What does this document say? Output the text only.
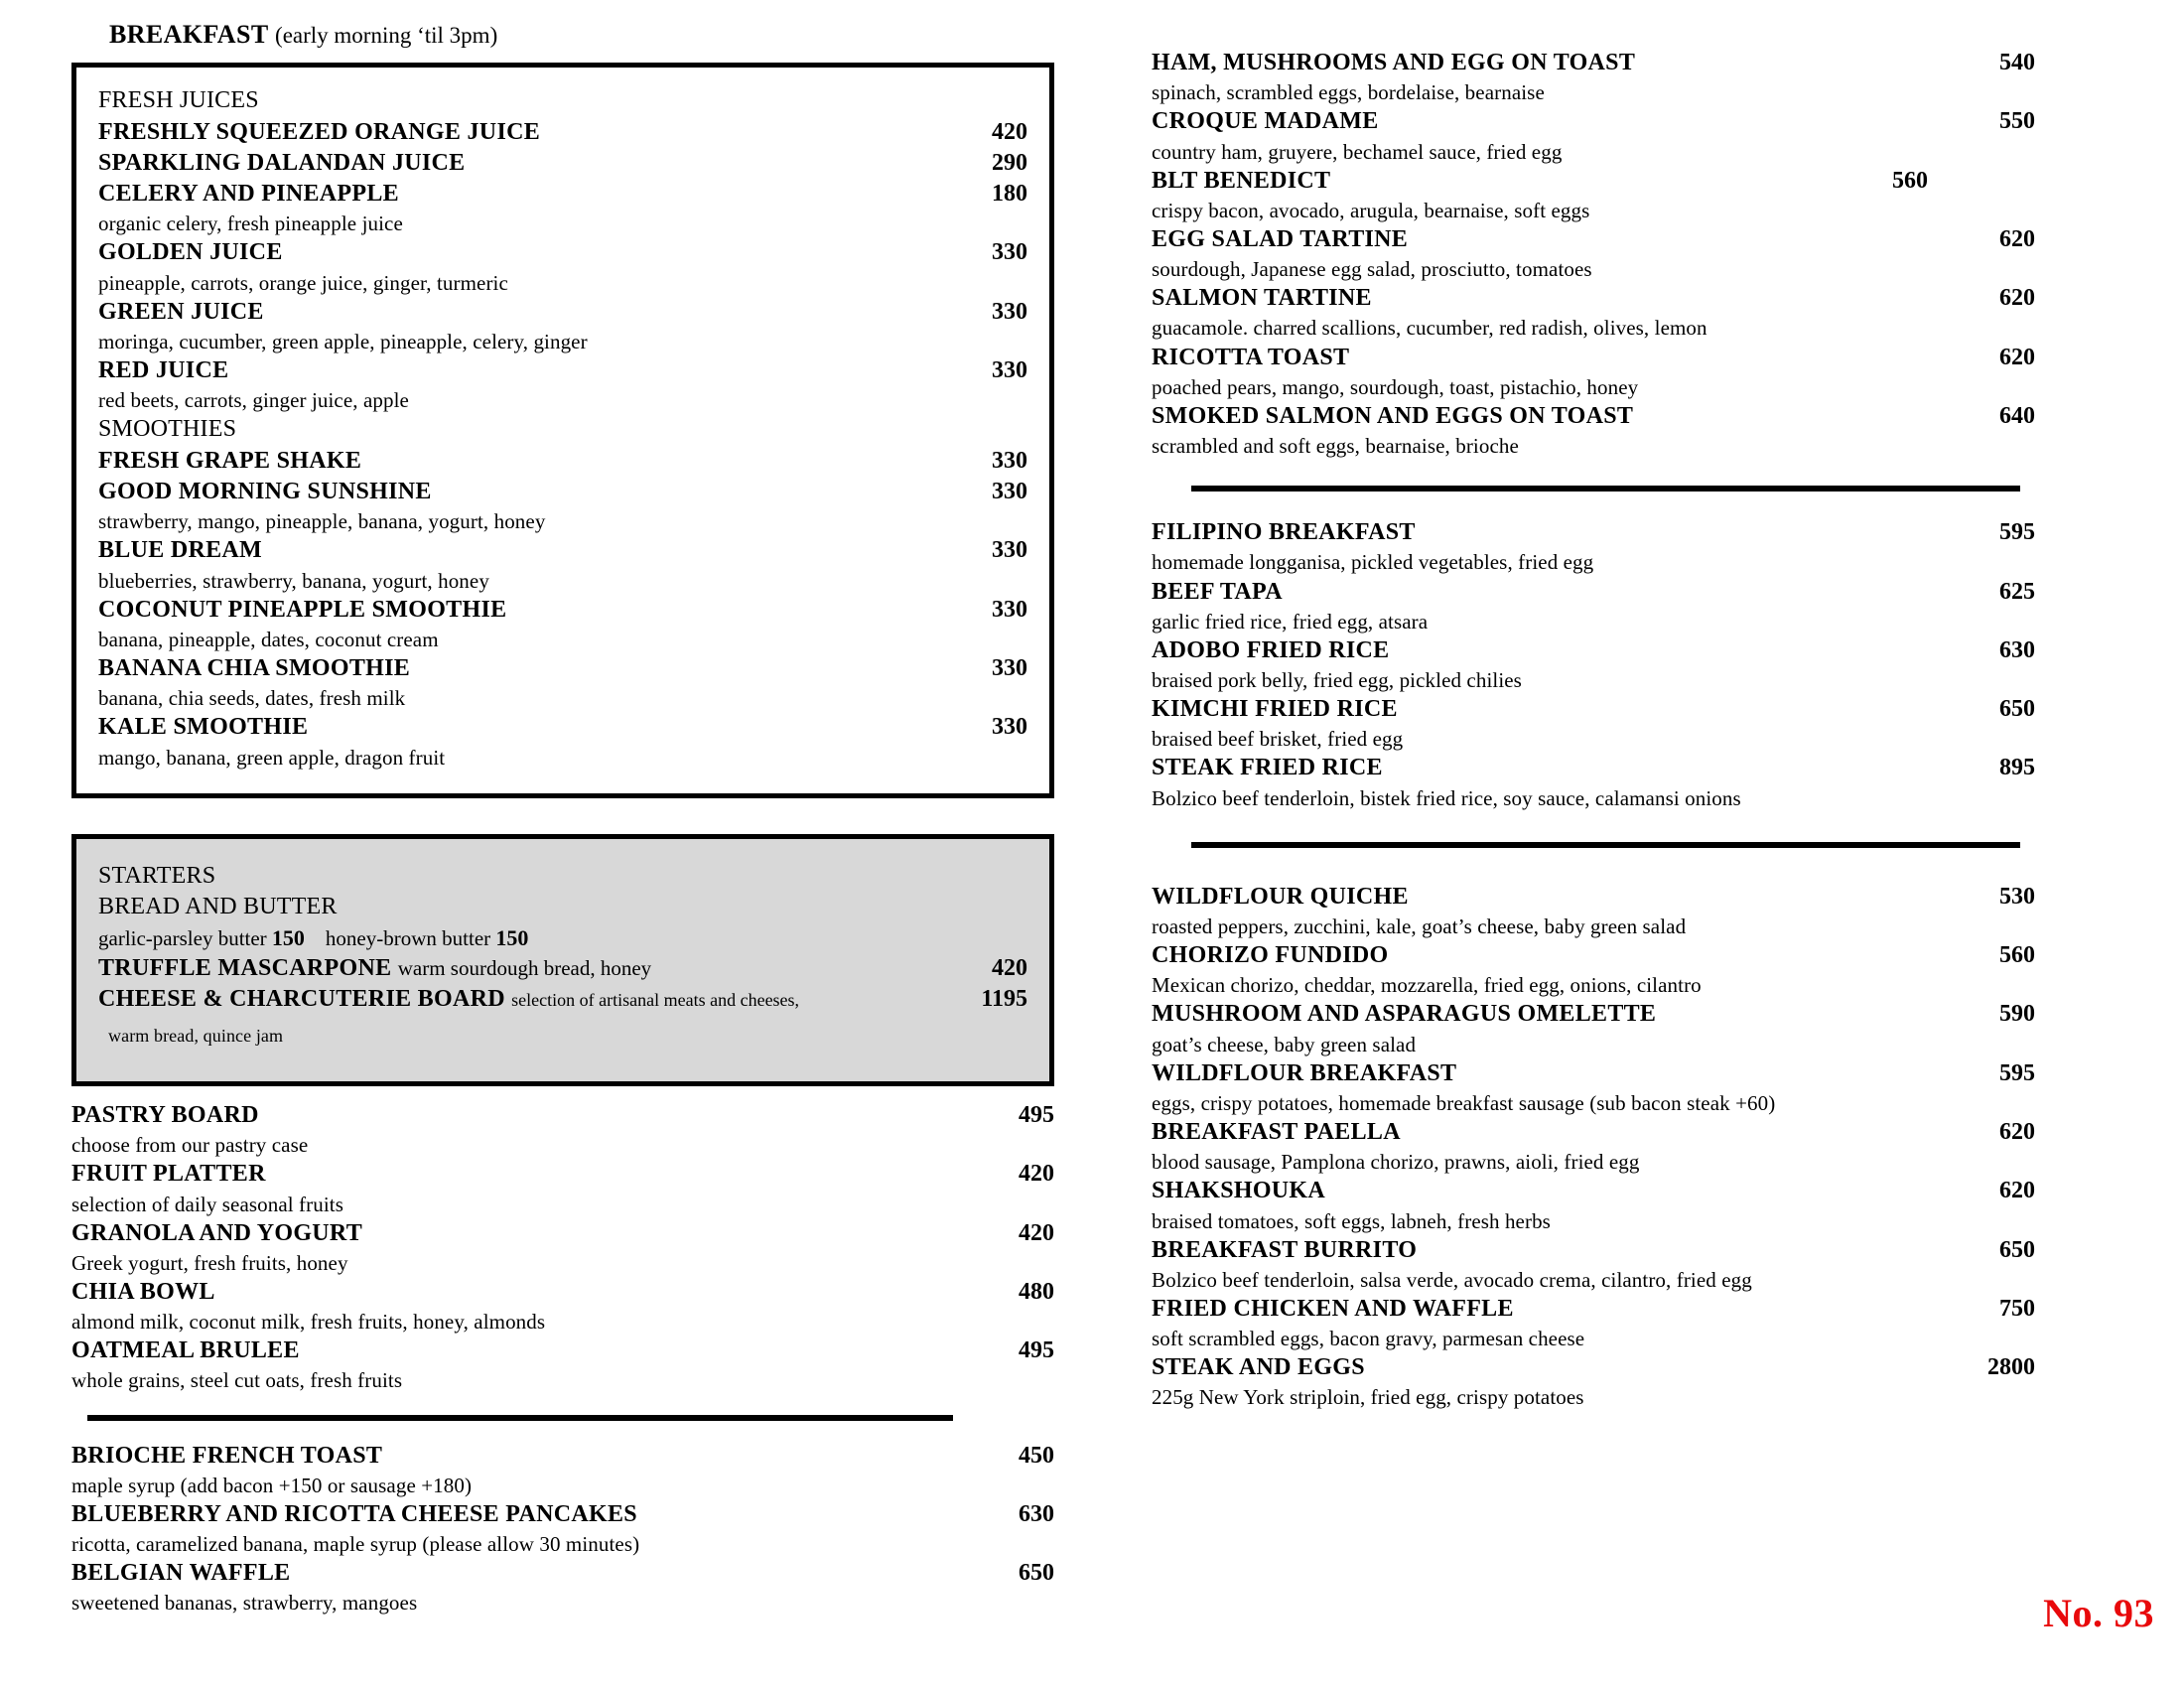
BREAKFAST (early morning ‘til 3pm)
FRESH JUICES
FRESHLY SQUEEZED ORANGE JUICE	420
SPARKLING DALANDAN JUICE	290
CELERY AND PINEAPPLE	180
organic celery, fresh pineapple juice
GOLDEN JUICE	330
pineapple, carrots, orange juice, ginger, turmeric
GREEN JUICE	330
moringa, cucumber, green apple, pineapple, celery, ginger
RED JUICE	330
red beets, carrots, ginger juice, apple
SMOOTHIES
FRESH GRAPE SHAKE	330
GOOD MORNING SUNSHINE	330
strawberry, mango, pineapple, banana, yogurt, honey
BLUE DREAM	330
blueberries, strawberry, banana, yogurt, honey
COCONUT PINEAPPLE SMOOTHIE	330
banana, pineapple, dates, coconut cream
BANANA CHIA SMOOTHIE	330
banana, chia seeds, dates, fresh milk
KALE SMOOTHIE	330
mango, banana, green apple, dragon fruit
STARTERS
BREAD AND BUTTER
garlic-parsley butter 150 honey-brown butter 150
TRUFFLE MASCARPONE warm sourdough bread, honey	420
CHEESE & CHARCUTERIE BOARD selection of artisanal meats and cheeses,	1195
warm bread, quince jam
PASTRY BOARD	495
choose from our pastry case
FRUIT PLATTER	420
selection of daily seasonal fruits
GRANOLA AND YOGURT	420
Greek yogurt, fresh fruits, honey
CHIA BOWL	480
almond milk, coconut milk, fresh fruits, honey, almonds
OATMEAL BRULEE	495
whole grains, steel cut oats, fresh fruits
BRIOCHE FRENCH TOAST	450
maple syrup (add bacon +150 or sausage +180)
BLUEBERRY AND RICOTTA CHEESE PANCAKES	630
ricotta, caramelized banana, maple syrup (please allow 30 minutes)
BELGIAN WAFFLE	650
sweetened bananas, strawberry, mangoes
HAM, MUSHROOMS AND EGG ON TOAST	540
spinach, scrambled eggs, bordelaise, bearnaise
CROQUE MADAME	550
country ham, gruyere, bechamel sauce, fried egg
BLT BENEDICT	560
crispy bacon, avocado, arugula, bearnaise, soft eggs
EGG SALAD TARTINE	620
sourdough, Japanese egg salad, prosciutto, tomatoes
SALMON TARTINE	620
guacamole. charred scallions, cucumber, red radish, olives, lemon
RICOTTA TOAST	620
poached pears, mango, sourdough, toast, pistachio, honey
SMOKED SALMON AND EGGS ON TOAST	640
scrambled and soft eggs, bearnaise, brioche
FILIPINO BREAKFAST	595
homemade longganisa, pickled vegetables, fried egg
BEEF TAPA	625
garlic fried rice, fried egg, atsara
ADOBO FRIED RICE	630
braised pork belly, fried egg, pickled chilies
KIMCHI FRIED RICE	650
braised beef brisket, fried egg
STEAK FRIED RICE	895
Bolzico beef tenderloin, bistek fried rice, soy sauce, calamansi onions
WILDFLOUR QUICHE	530
roasted peppers, zucchini, kale, goat’s cheese, baby green salad
CHORIZO FUNDIDO	560
Mexican chorizo, cheddar, mozzarella, fried egg, onions, cilantro
MUSHROOM AND ASPARAGUS OMELETTE	590
goat’s cheese, baby green salad
WILDFLOUR BREAKFAST	595
eggs, crispy potatoes, homemade breakfast sausage (sub bacon steak +60)
BREAKFAST PAELLA	620
blood sausage, Pamplona chorizo, prawns, aioli, fried egg
SHAKSHOUKA	620
braised tomatoes, soft eggs, labneh, fresh herbs
BREAKFAST BURRITO	650
Bolzico beef tenderloin, salsa verde, avocado crema, cilantro, fried egg
FRIED CHICKEN AND WAFFLE	750
soft scrambled eggs, bacon gravy, parmesan cheese
STEAK AND EGGS	2800
225g New York striploin, fried egg, crispy potatoes
No. 93
